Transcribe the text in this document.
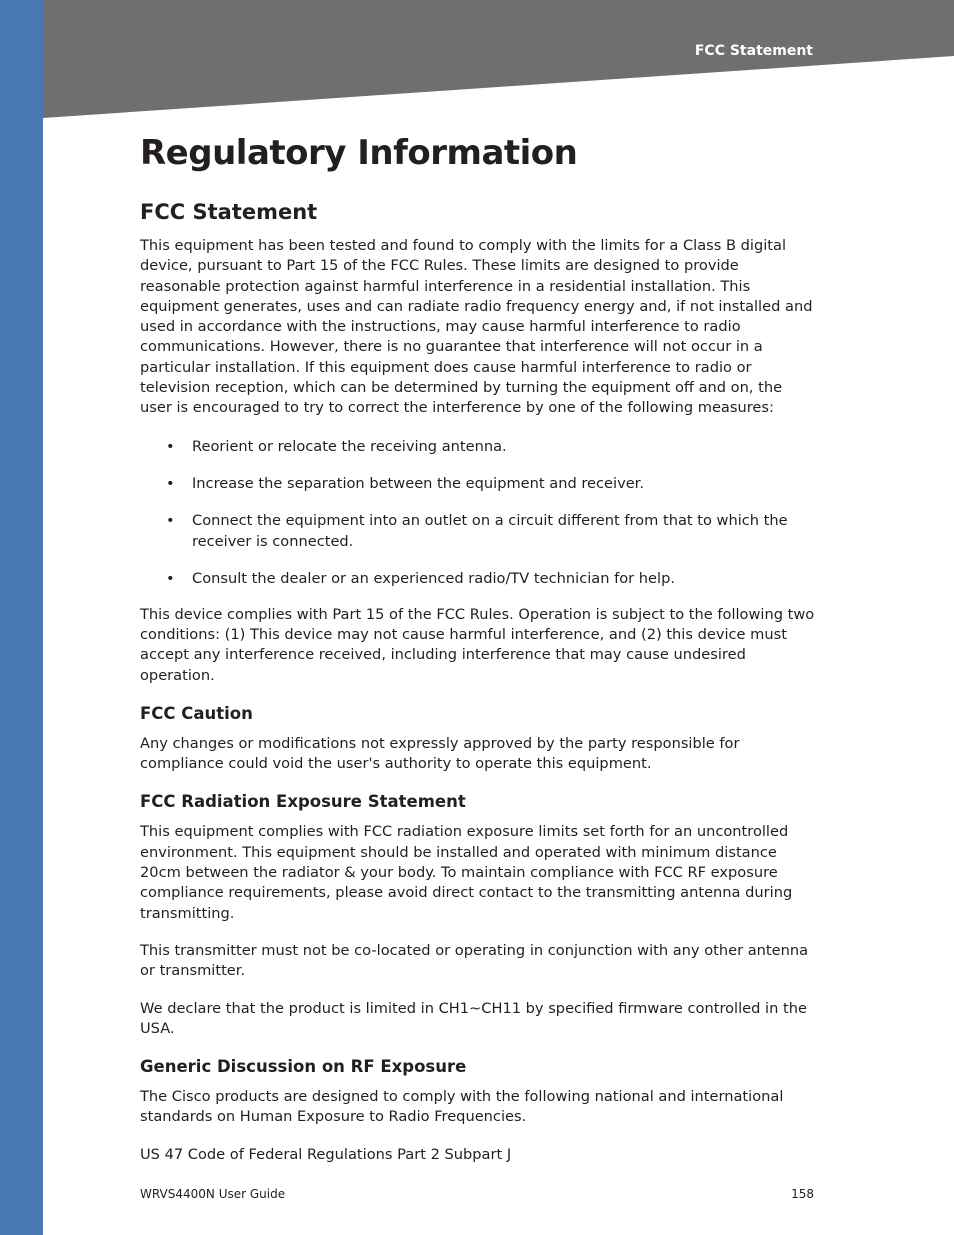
FCC Statement
Regulatory Information
FCC Statement

This equipment has been tested and found to comply with the limits for a Class B digital device, pursuant to Part 15 of the FCC Rules. These limits are designed to provide reasonable protection against harmful interference in a residential installation. This equipment generates, uses and can radiate radio frequency energy and, if not installed and used in accordance with the instructions, may cause harmful interference to radio communications. However, there is no guarantee that interference will not occur in a particular installation. If this equipment does cause harmful interference to radio or television reception, which can be determined by turning the equipment off and on, the user is encouraged to try to correct the interference by one of the following measures:

• Reorient or relocate the receiving antenna.
• Increase the separation between the equipment and receiver.
• Connect the equipment into an outlet on a circuit different from that to which the receiver is connected.
• Consult the dealer or an experienced radio/TV technician for help.

This device complies with Part 15 of the FCC Rules. Operation is subject to the following two conditions: (1) This device may not cause harmful interference, and (2) this device must accept any interference received, including interference that may cause undesired operation.

FCC Caution

Any changes or modifications not expressly approved by the party responsible for compliance could void the user's authority to operate this equipment.

FCC Radiation Exposure Statement

This equipment complies with FCC radiation exposure limits set forth for an uncontrolled environment. This equipment should be installed and operated with minimum distance 20cm between the radiator & your body. To maintain compliance with FCC RF exposure compliance requirements, please avoid direct contact to the transmitting antenna during transmitting.

This transmitter must not be co-located or operating in conjunction with any other antenna or transmitter.

We declare that the product is limited in CH1~CH11 by specified firmware controlled in the USA.

Generic Discussion on RF Exposure

The Cisco products are designed to comply with the following national and international standards on Human Exposure to Radio Frequencies.

US 47 Code of Federal Regulations Part 2 Subpart J

WRVS4400N User Guide	158
